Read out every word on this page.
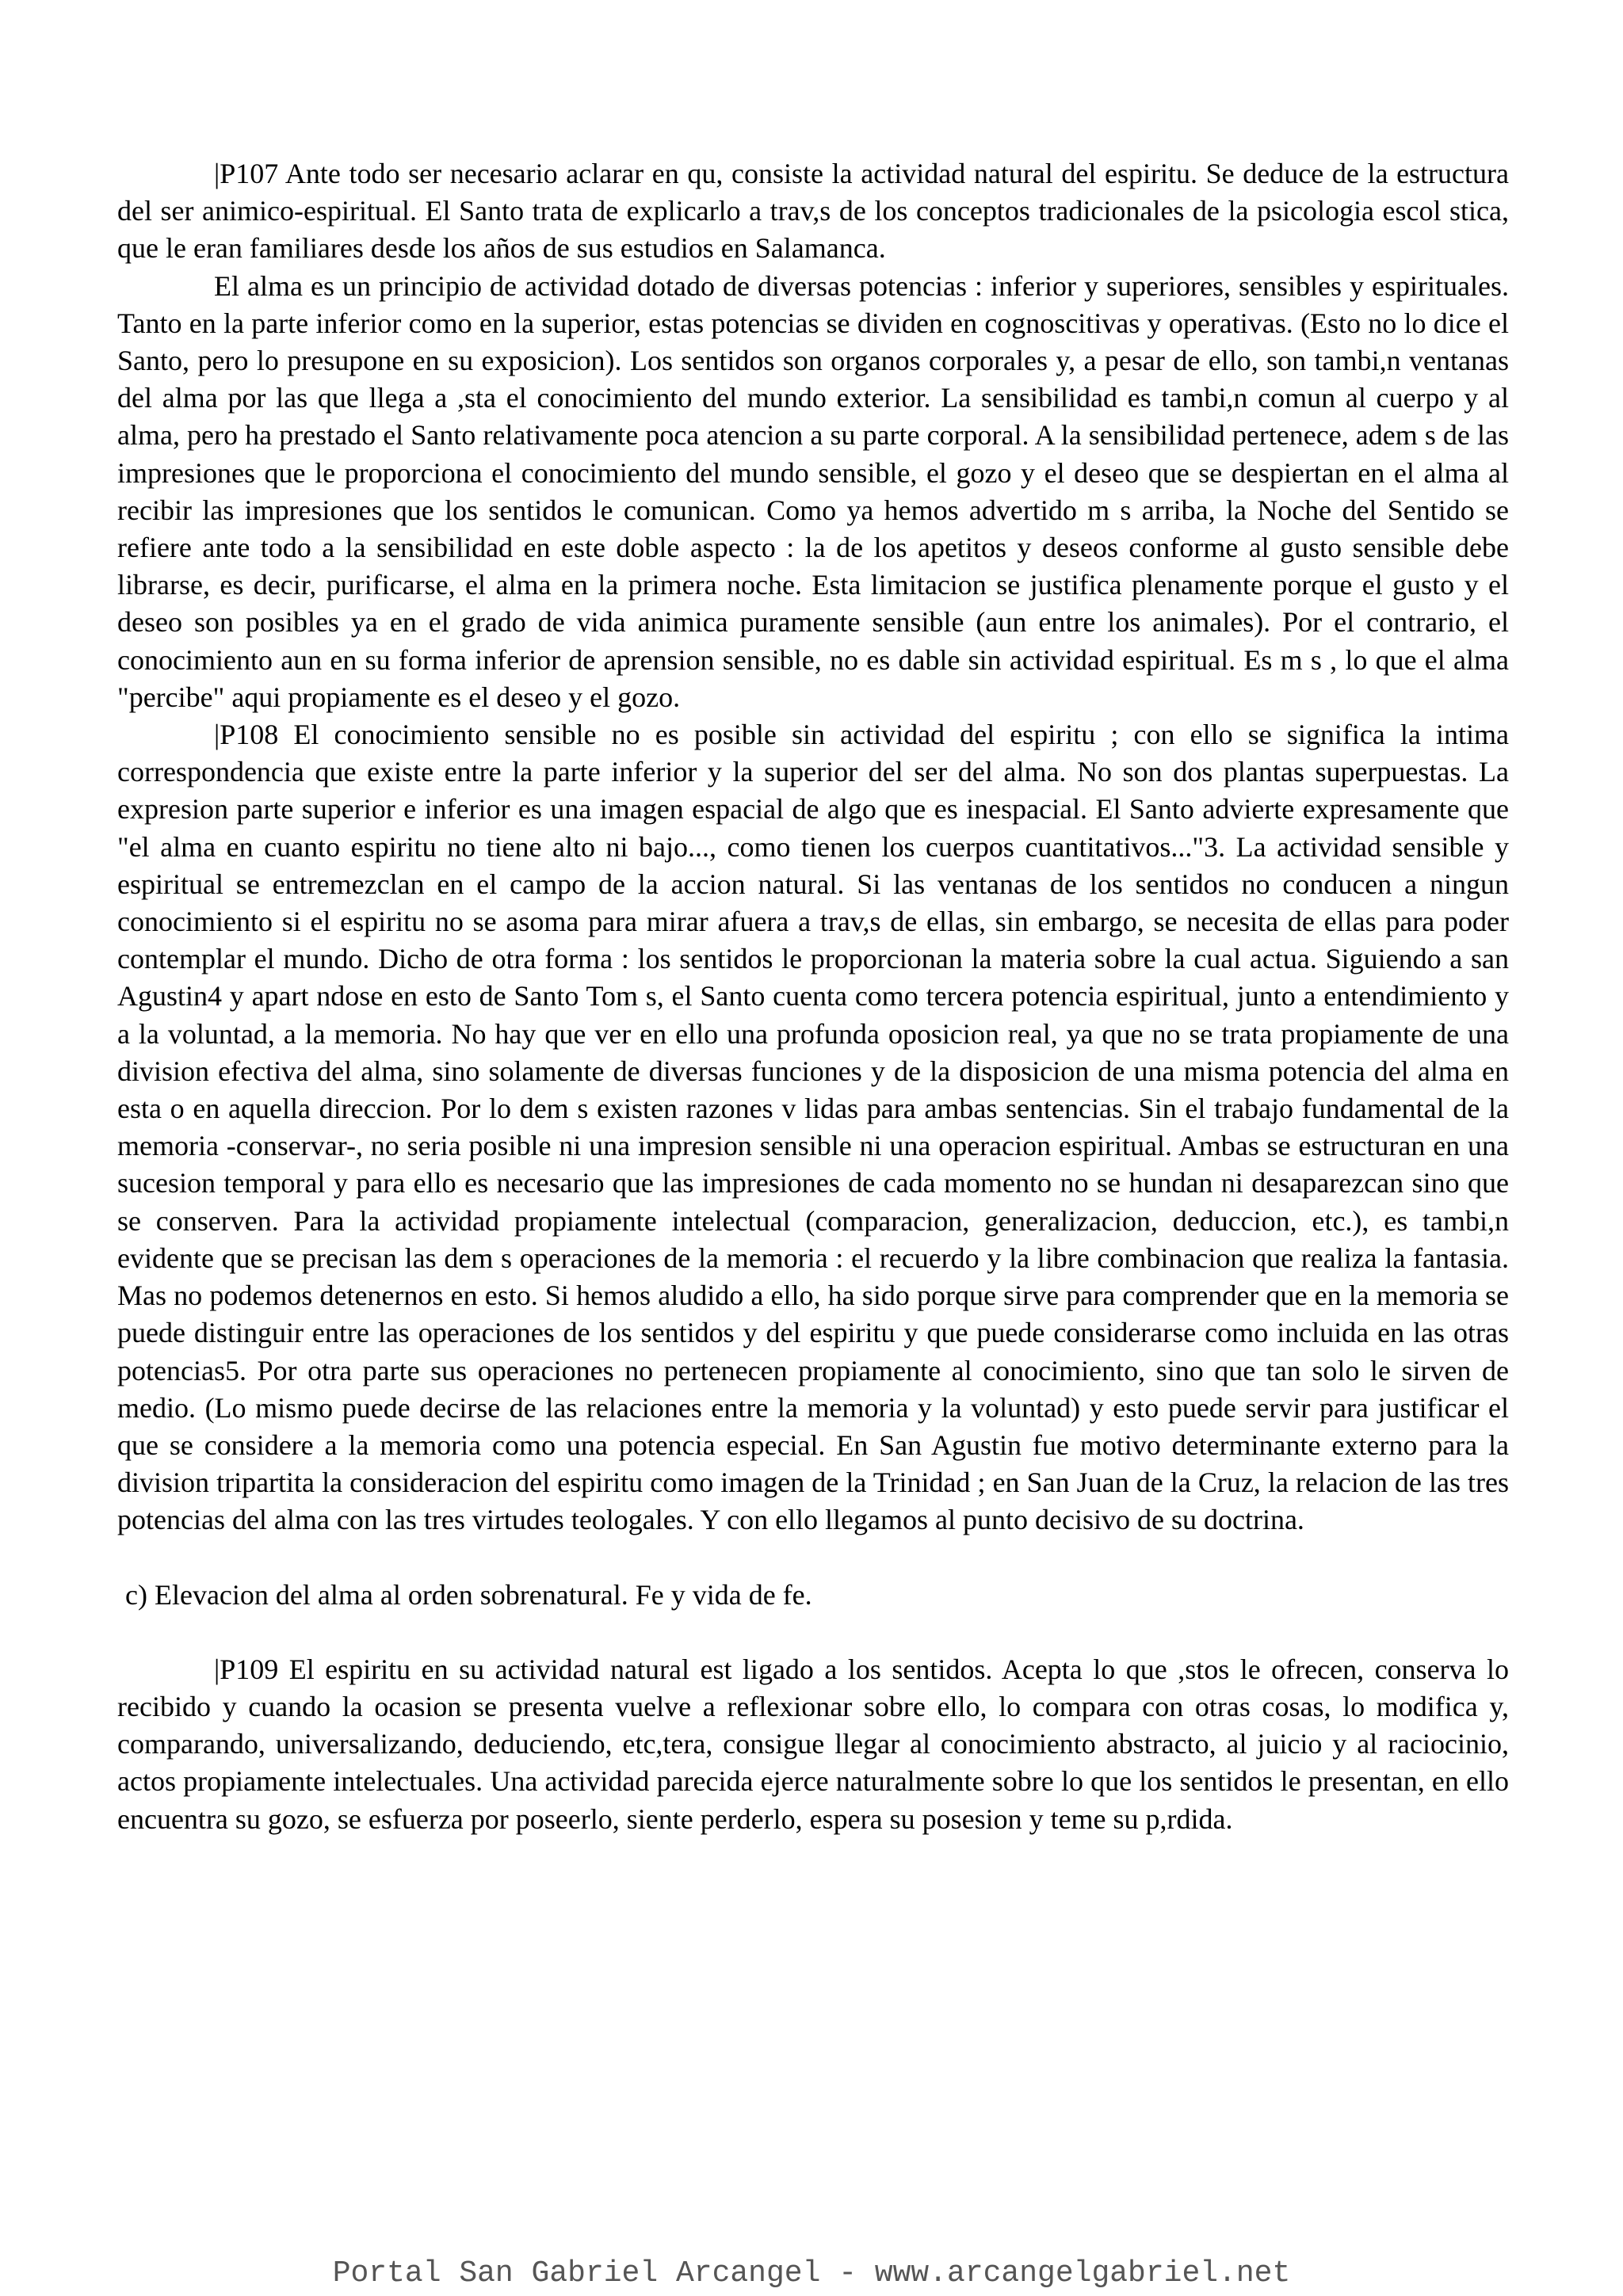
|P107 Ante todo ser necesario aclarar en qu, consiste la actividad natural del espiritu. Se deduce de la estructura del ser animico-espiritual. El Santo trata de explicarlo a trav,s de los conceptos tradicionales de la psicologia escol stica, que le eran familiares desde los años de sus estudios en Salamanca.

El alma es un principio de actividad dotado de diversas potencias : inferior y superiores, sensibles y espirituales. Tanto en la parte inferior como en la superior, estas potencias se dividen en cognoscitivas y operativas. (Esto no lo dice el Santo, pero lo presupone en su exposicion). Los sentidos son organos corporales y, a pesar de ello, son tambi,n ventanas del alma por las que llega a ,sta el conocimiento del mundo exterior. La sensibilidad es tambi,n comun al cuerpo y al alma, pero ha prestado el Santo relativamente poca atencion a su parte corporal. A la sensibilidad pertenece, adem s de las impresiones que le proporciona el conocimiento del mundo sensible, el gozo y el deseo que se despiertan en el alma al recibir las impresiones que los sentidos le comunican. Como ya hemos advertido m s arriba, la Noche del Sentido se refiere ante todo a la sensibilidad en este doble aspecto : la de los apetitos y deseos conforme al gusto sensible debe librarse, es decir, purificarse, el alma en la primera noche. Esta limitacion se justifica plenamente porque el gusto y el deseo son posibles ya en el grado de vida animica puramente sensible (aun entre los animales). Por el contrario, el conocimiento aun en su forma inferior de aprension sensible, no es dable sin actividad espiritual. Es m s , lo que el alma "percibe" aqui propiamente es el deseo y el gozo.

|P108 El conocimiento sensible no es posible sin actividad del espiritu ; con ello se significa la intima correspondencia que existe entre la parte inferior y la superior del ser del alma. No son dos plantas superpuestas. La expresion parte superior e inferior es una imagen espacial de algo que es inespacial. El Santo advierte expresamente que "el alma en cuanto espiritu no tiene alto ni bajo..., como tienen los cuerpos cuantitativos..."3. La actividad sensible y espiritual se entremezclan en el campo de la accion natural. Si las ventanas de los sentidos no conducen a ningun conocimiento si el espiritu no se asoma para mirar afuera a trav,s de ellas, sin embargo, se necesita de ellas para poder contemplar el mundo. Dicho de otra forma : los sentidos le proporcionan la materia sobre la cual actua. Siguiendo a san Agustin4 y apart ndose en esto de Santo Tom s, el Santo cuenta como tercera potencia espiritual, junto a entendimiento y a la voluntad, a la memoria. No hay que ver en ello una profunda oposicion real, ya que no se trata propiamente de una division efectiva del alma, sino solamente de diversas funciones y de la disposicion de una misma potencia del alma en esta o en aquella direccion. Por lo dem s existen razones v lidas para ambas sentencias. Sin el trabajo fundamental de la memoria -conservar-, no seria posible ni una impresion sensible ni una operacion espiritual. Ambas se estructuran en una sucesion temporal y para ello es necesario que las impresiones de cada momento no se hundan ni desaparezcan sino que se conserven. Para la actividad propiamente intelectual (comparacion, generalizacion, deduccion, etc.), es tambi,n evidente que se precisan las dem s operaciones de la memoria : el recuerdo y la libre combinacion que realiza la fantasia. Mas no podemos detenernos en esto. Si hemos aludido a ello, ha sido porque sirve para comprender que en la memoria se puede distinguir entre las operaciones de los sentidos y del espiritu y que puede considerarse como incluida en las otras potencias5. Por otra parte sus operaciones no pertenecen propiamente al conocimiento, sino que tan solo le sirven de medio. (Lo mismo puede decirse de las relaciones entre la memoria y la voluntad) y esto puede servir para justificar el que se considere a la memoria como una potencia especial. En San Agustin fue motivo determinante externo para la division tripartita la consideracion del espiritu como imagen de la Trinidad ; en San Juan de la Cruz, la relacion de las tres potencias del alma con las tres virtudes teologales. Y con ello llegamos al punto decisivo de su doctrina.

c) Elevacion del alma al orden sobrenatural. Fe y vida de fe.

|P109 El espiritu en su actividad natural est ligado a los sentidos. Acepta lo que ,stos le ofrecen, conserva lo recibido y cuando la ocasion se presenta vuelve a reflexionar sobre ello, lo compara con otras cosas, lo modifica y, comparando, universalizando, deduciendo, etc,tera, consigue llegar al conocimiento abstracto, al juicio y al raciocinio, actos propiamente intelectuales. Una actividad parecida ejerce naturalmente sobre lo que los sentidos le presentan, en ello encuentra su gozo, se esfuerza por poseerlo, siente perderlo, espera su posesion y teme su p,rdida.

Portal San Gabriel Arcangel - www.arcangelgabriel.net
